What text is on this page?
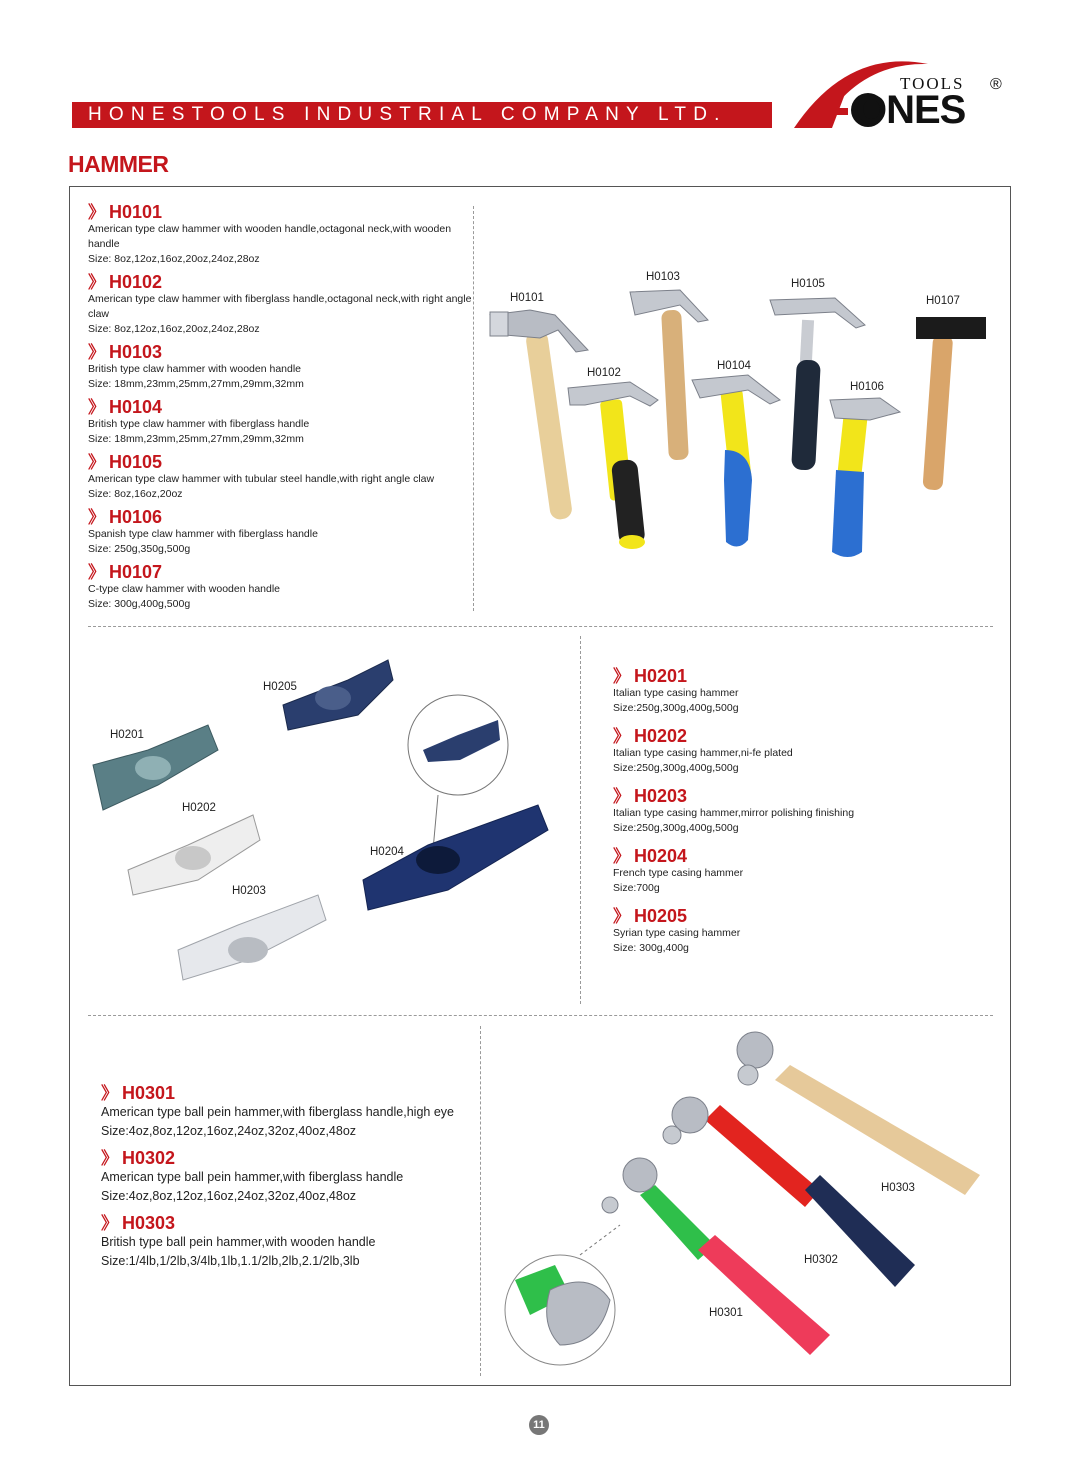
HONESTOOLS INDUSTRIAL COMPANY LTD.
TOOLS ®
ONES
HAMMER
》 H0101
American type claw hammer with wooden handle,octagonal neck,with wooden handle
Size: 8oz,12oz,16oz,20oz,24oz,28oz
》 H0102
American type claw hammer with fiberglass handle,octagonal neck,with right angle claw
Size: 8oz,12oz,16oz,20oz,24oz,28oz
》 H0103
British type claw hammer with wooden handle
Size: 18mm,23mm,25mm,27mm,29mm,32mm
》 H0104
British type claw hammer with fiberglass handle
Size: 18mm,23mm,25mm,27mm,29mm,32mm
》 H0105
American type claw hammer with tubular steel handle,with right angle claw
Size: 8oz,16oz,20oz
》 H0106
Spanish type claw hammer with fiberglass handle
Size: 250g,350g,500g
》 H0107
C-type claw hammer with wooden handle
Size: 300g,400g,500g
H0101
H0102
H0103
H0104
H0105
H0106
H0107
H0201
H0202
H0203
H0204
H0205
》 H0201
Italian type casing hammer
Size:250g,300g,400g,500g
》 H0202
Italian type casing hammer,ni-fe plated
Size:250g,300g,400g,500g
》 H0203
Italian type casing hammer,mirror polishing finishing
Size:250g,300g,400g,500g
》 H0204
French type casing hammer
Size:700g
》 H0205
Syrian type casing hammer
Size: 300g,400g
》 H0301
American type ball pein hammer,with fiberglass handle,high eye
Size:4oz,8oz,12oz,16oz,24oz,32oz,40oz,48oz
》 H0302
American type ball pein hammer,with fiberglass handle
Size:4oz,8oz,12oz,16oz,24oz,32oz,40oz,48oz
》 H0303
British type ball pein hammer,with wooden handle
Size:1/4lb,1/2lb,3/4lb,1lb,1.1/2lb,2lb,2.1/2lb,3lb
H0303
H0302
H0301
11
